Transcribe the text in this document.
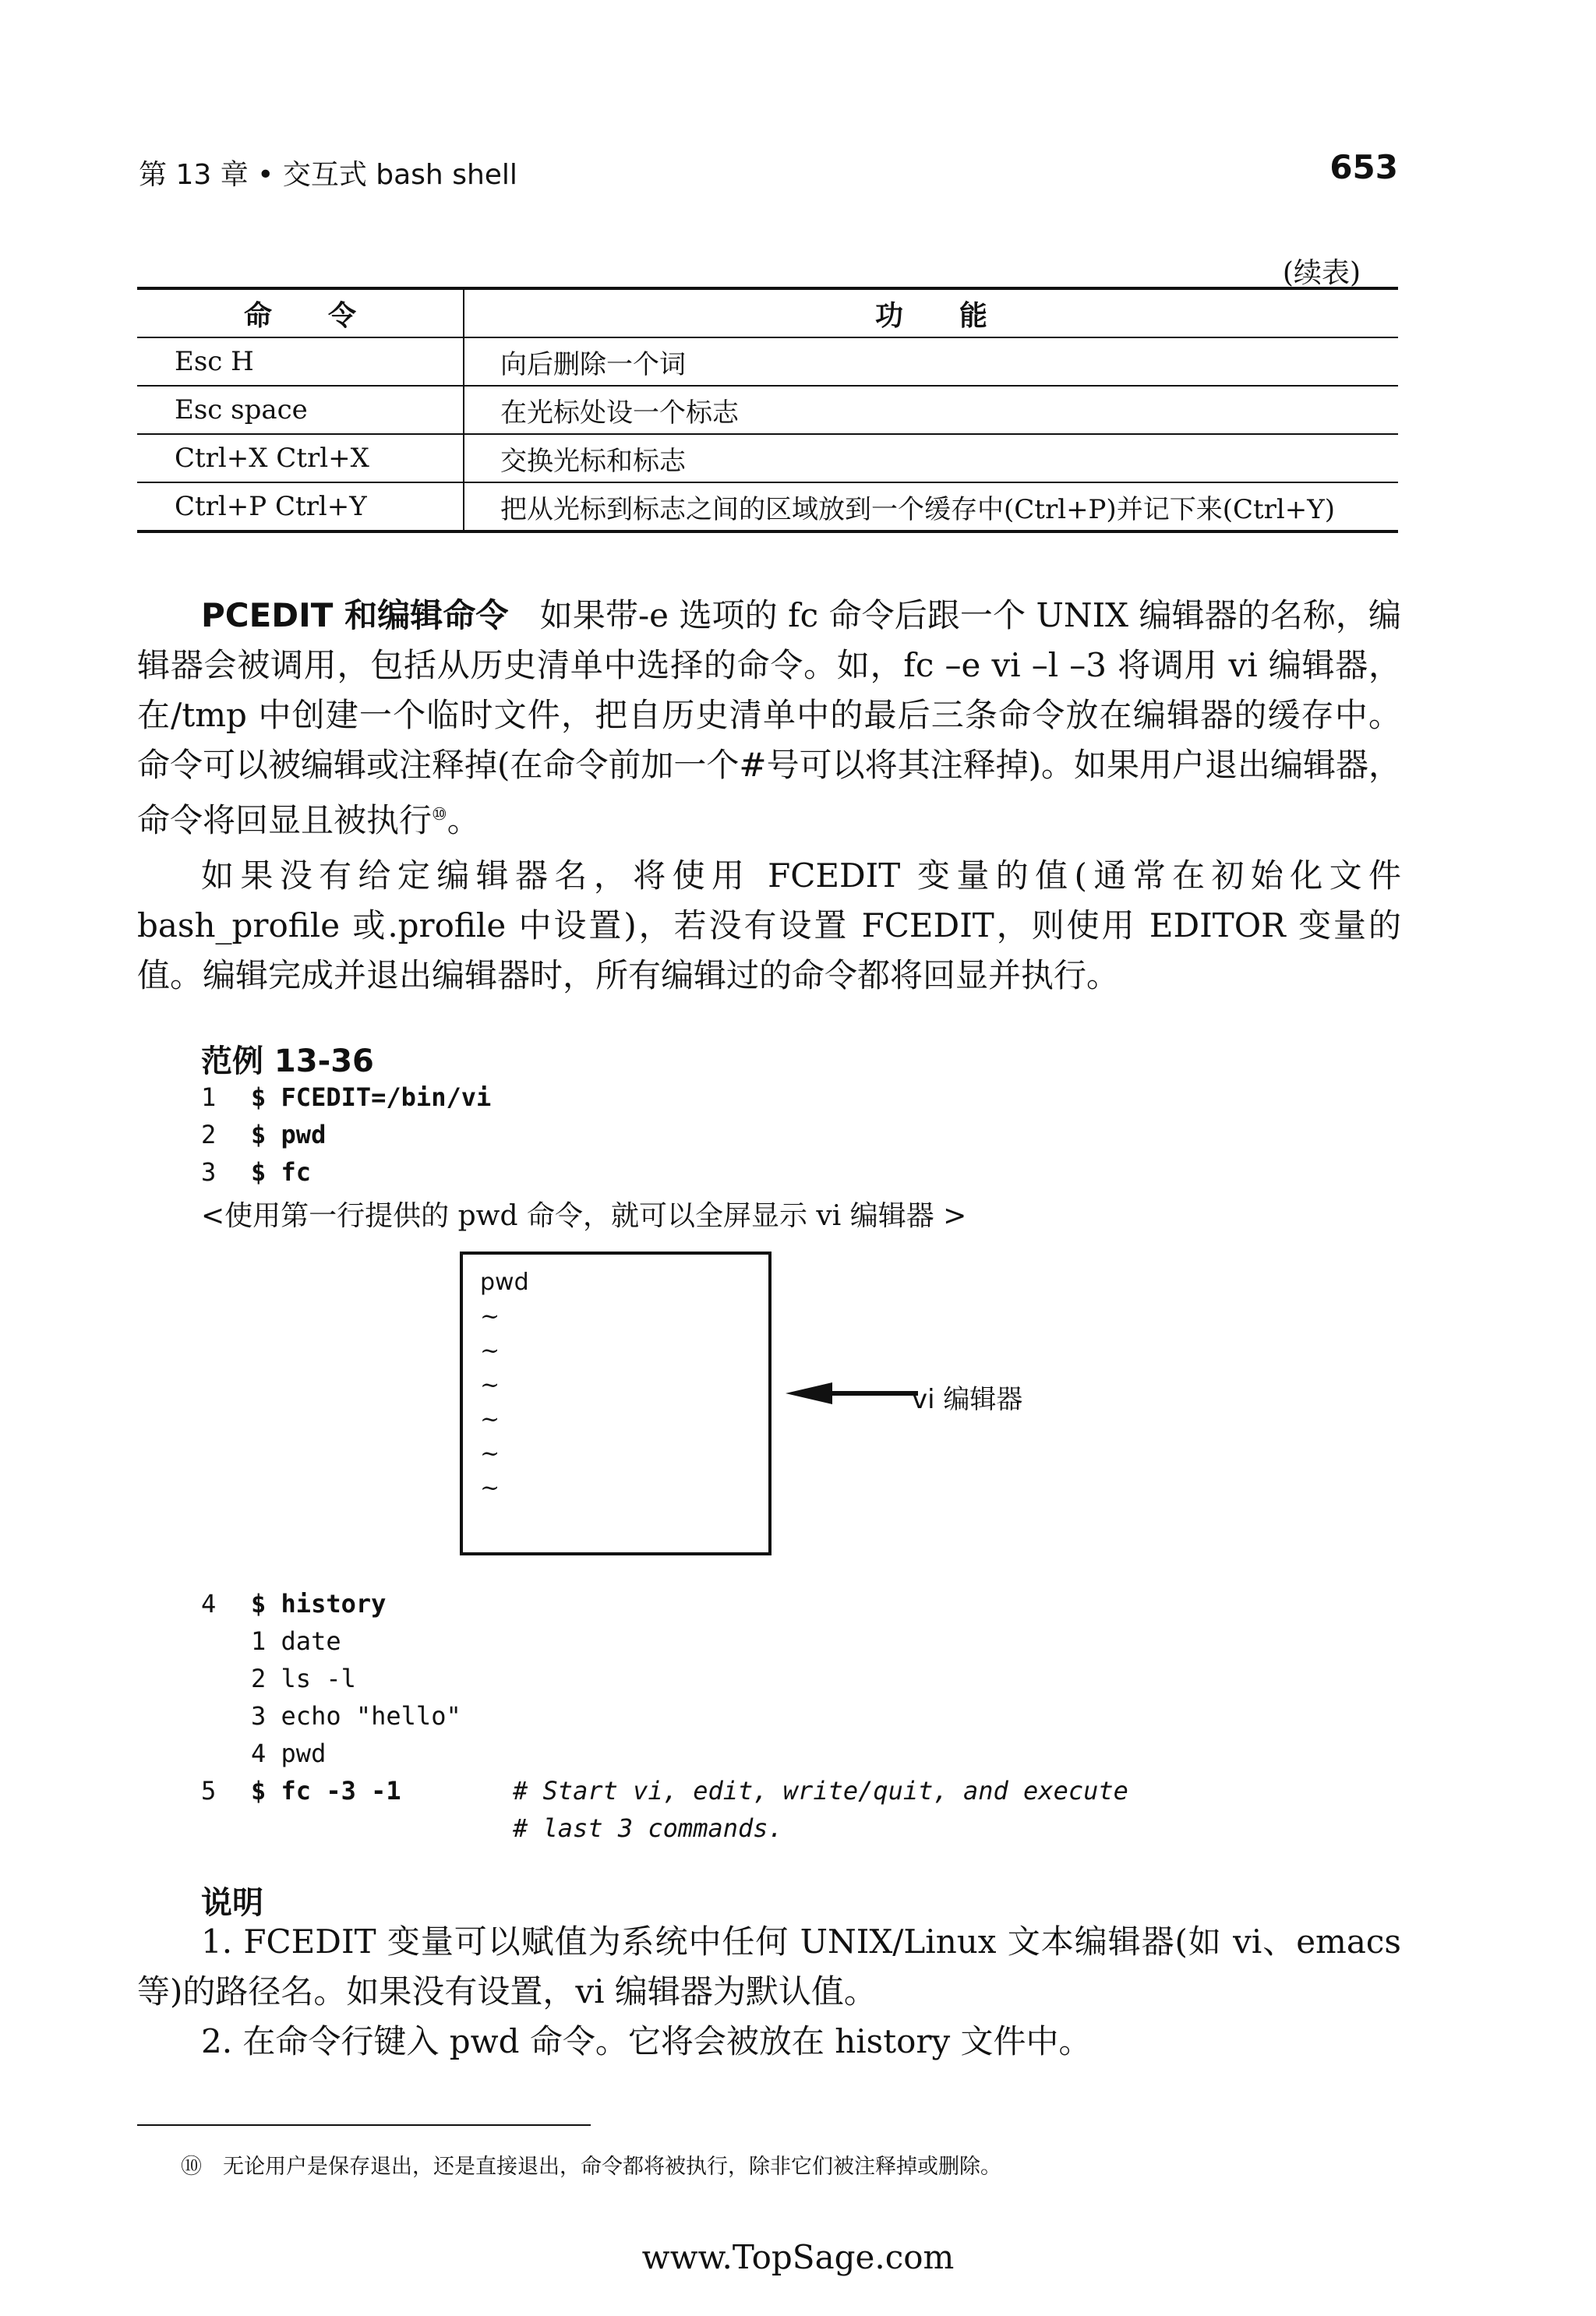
第 13 章 • 交互式 bash shell	653
(续表)
命　　令	功　　能
Esc H	向后删除一个词
Esc space	在光标处设一个标志
Ctrl+X Ctrl+X	交换光标和标志
Ctrl+P Ctrl+Y	把从光标到标志之间的区域放到一个缓存中(Ctrl+P)并记下来(Ctrl+Y)
PCEDIT 和编辑命令 如果带-e 选项的 fc 命令后跟一个 UNIX 编辑器的名称，编辑器会被调用，包括从历史清单中选择的命令。如，fc –e vi –l –3 将调用 vi 编辑器，在/tmp 中创建一个临时文件，把自历史清单中的最后三条命令放在编辑器的缓存中。命令可以被编辑或注释掉(在命令前加一个#号可以将其注释掉)。如果用户退出编辑器，命令将回显且被执行⑩。
如果没有给定编辑器名，将使用 FCEDIT 变量的值(通常在初始化文件 bash_profile 或.profile 中设置)，若没有设置 FCEDIT，则使用 EDITOR 变量的值。编辑完成并退出编辑器时，所有编辑过的命令都将回显并执行。
范例 13-36
1 $ FCEDIT=/bin/vi
2 $ pwd
3 $ fc
<使用第一行提供的 pwd 命令，就可以全屏显示 vi 编辑器 >
pwd
~
~
~
~
~
~
vi 编辑器
4 $ history
1 date
2 ls -l
3 echo "hello"
4 pwd
5 $ fc -3 -1	# Start vi, edit, write/quit, and execute
# last 3 commands.
说明
1. FCEDIT 变量可以赋值为系统中任何 UNIX/Linux 文本编辑器(如 vi、emacs 等)的路径名。如果没有设置，vi 编辑器为默认值。
2. 在命令行键入 pwd 命令。它将会被放在 history 文件中。
⑩　无论用户是保存退出，还是直接退出，命令都将被执行，除非它们被注释掉或删除。
www.TopSage.com
